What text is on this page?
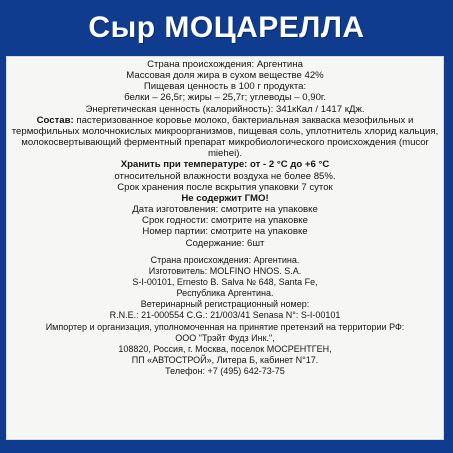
Сыр МОЦАРЕЛЛА

Страна происхождения: Аргентина

Массовая доля жира в сухом веществе 42%

Пищевая ценность в 100 г продукта:

белки – 26,5г; жиры – 25,7г; углеводы – 0,90г.

Энергетическая ценность (калорийность): 341кКал / 1417 кДж.

Состав: пастеризованное коровье молоко, бактериальная закваска мезофильных и термофильных молочнокислых микроорганизмов, пищевая соль, уплотнитель хлорид кальция, молокосвертывающий ферментный препарат микробиологического происхождения (mucor miehei).

Хранить при температуре: от - 2 °С до +6 °С

относительной влажности воздуха не более 85%.

Срок хранения после вскрытия упаковки 7 суток

Не содержит ГМО!

Дата изготовления: смотрите на упаковке

Срок годности: смотрите на упаковке

Номер партии: смотрите на упаковке

Содержание: 6шт

Страна происхождения: Аргентина.

Изготовитель: MOLFINO HNOS. S.A.

S-I-00101, Ernesto B. Salva № 648, Santa Fe,

Республика Аргентина.

Ветеринарный регистрационный номер:

R.N.E.: 21-000554 C.G.: 21/003/41 Senasa N°: S-I-00101

Импортер и организация, уполномоченная на принятие претензий на территории РФ:

ООО "Трэйт Фудз Инк.",

108820, Россия, г. Москва, поселок МОСРЕНТГЕН,

ПП «АВТОСТРОЙ», Литера Б, кабинет N°17.

Телефон: +7 (495) 642-73-75
